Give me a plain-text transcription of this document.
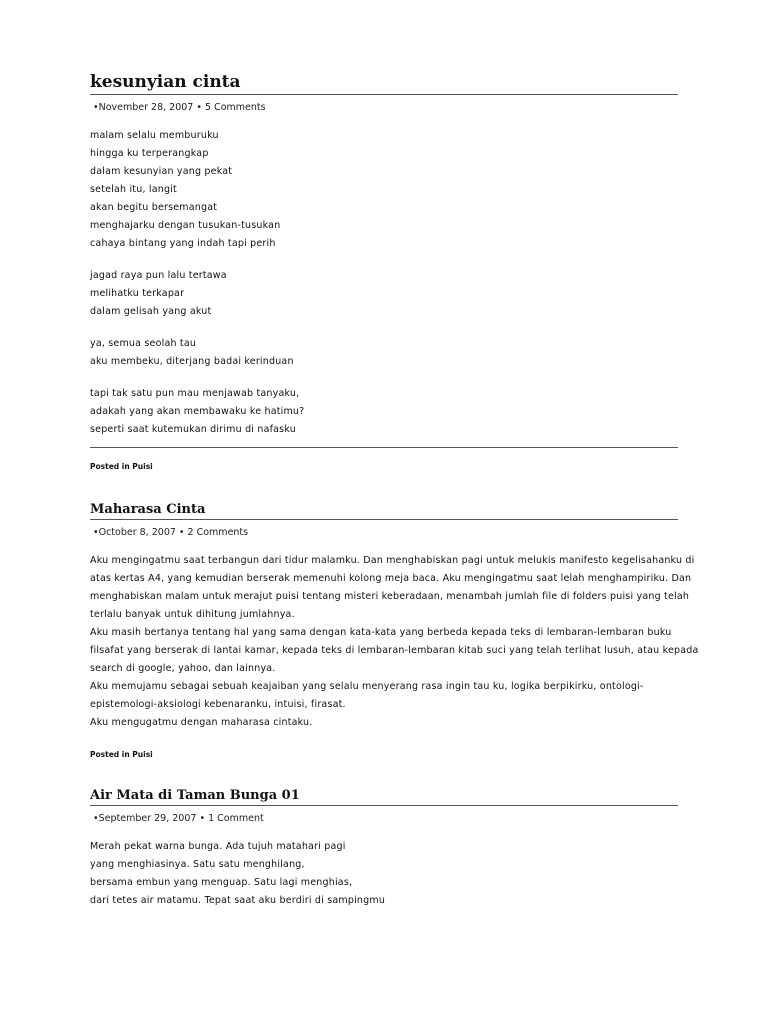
kesunyian cinta
•November 28, 2007 • 5 Comments
malam selalu memburuku
hingga ku terperangkap
dalam kesunyian yang pekat
setelah itu, langit
akan begitu bersemangat
menghajarku dengan tusukan-tusukan
cahaya bintang yang indah tapi perih
jagad raya pun lalu tertawa
melihatku terkapar
dalam gelisah yang akut
ya, semua seolah tau
aku membeku, diterjang badai kerinduan
tapi tak satu pun mau menjawab tanyaku,
adakah yang akan membawaku ke hatimu?
seperti saat kutemukan dirimu di nafasku
Posted in Puisi
Maharasa Cinta
•October 8, 2007 • 2 Comments
Aku mengingatmu saat terbangun dari tidur malamku. Dan menghabiskan pagi untuk melukis manifesto kegelisahanku di
atas kertas A4, yang kemudian berserak memenuhi kolong meja baca. Aku mengingatmu saat lelah menghampiriku. Dan
menghabiskan malam untuk merajut puisi tentang misteri keberadaan, menambah jumlah file di folders puisi yang telah
terlalu banyak untuk dihitung jumlahnya.
Aku masih bertanya tentang hal yang sama dengan kata-kata yang berbeda kepada teks di lembaran-lembaran buku
filsafat yang berserak di lantai kamar, kepada teks di lembaran-lembaran kitab suci yang telah terlihat lusuh, atau kepada
search di google, yahoo, dan lainnya.
Aku memujamu sebagai sebuah keajaiban yang selalu menyerang rasa ingin tau ku, logika berpikirku, ontologi-
epistemologi-aksiologi kebenaranku, intuisi, firasat.
Aku mengugatmu dengan maharasa cintaku.
Posted in Puisi
Air Mata di Taman Bunga 01
•September 29, 2007 • 1 Comment
Merah pekat warna bunga. Ada tujuh matahari pagi
yang menghiasinya. Satu satu menghilang,
bersama embun yang menguap. Satu lagi menghias,
dari tetes air matamu. Tepat saat aku berdiri di sampingmu
